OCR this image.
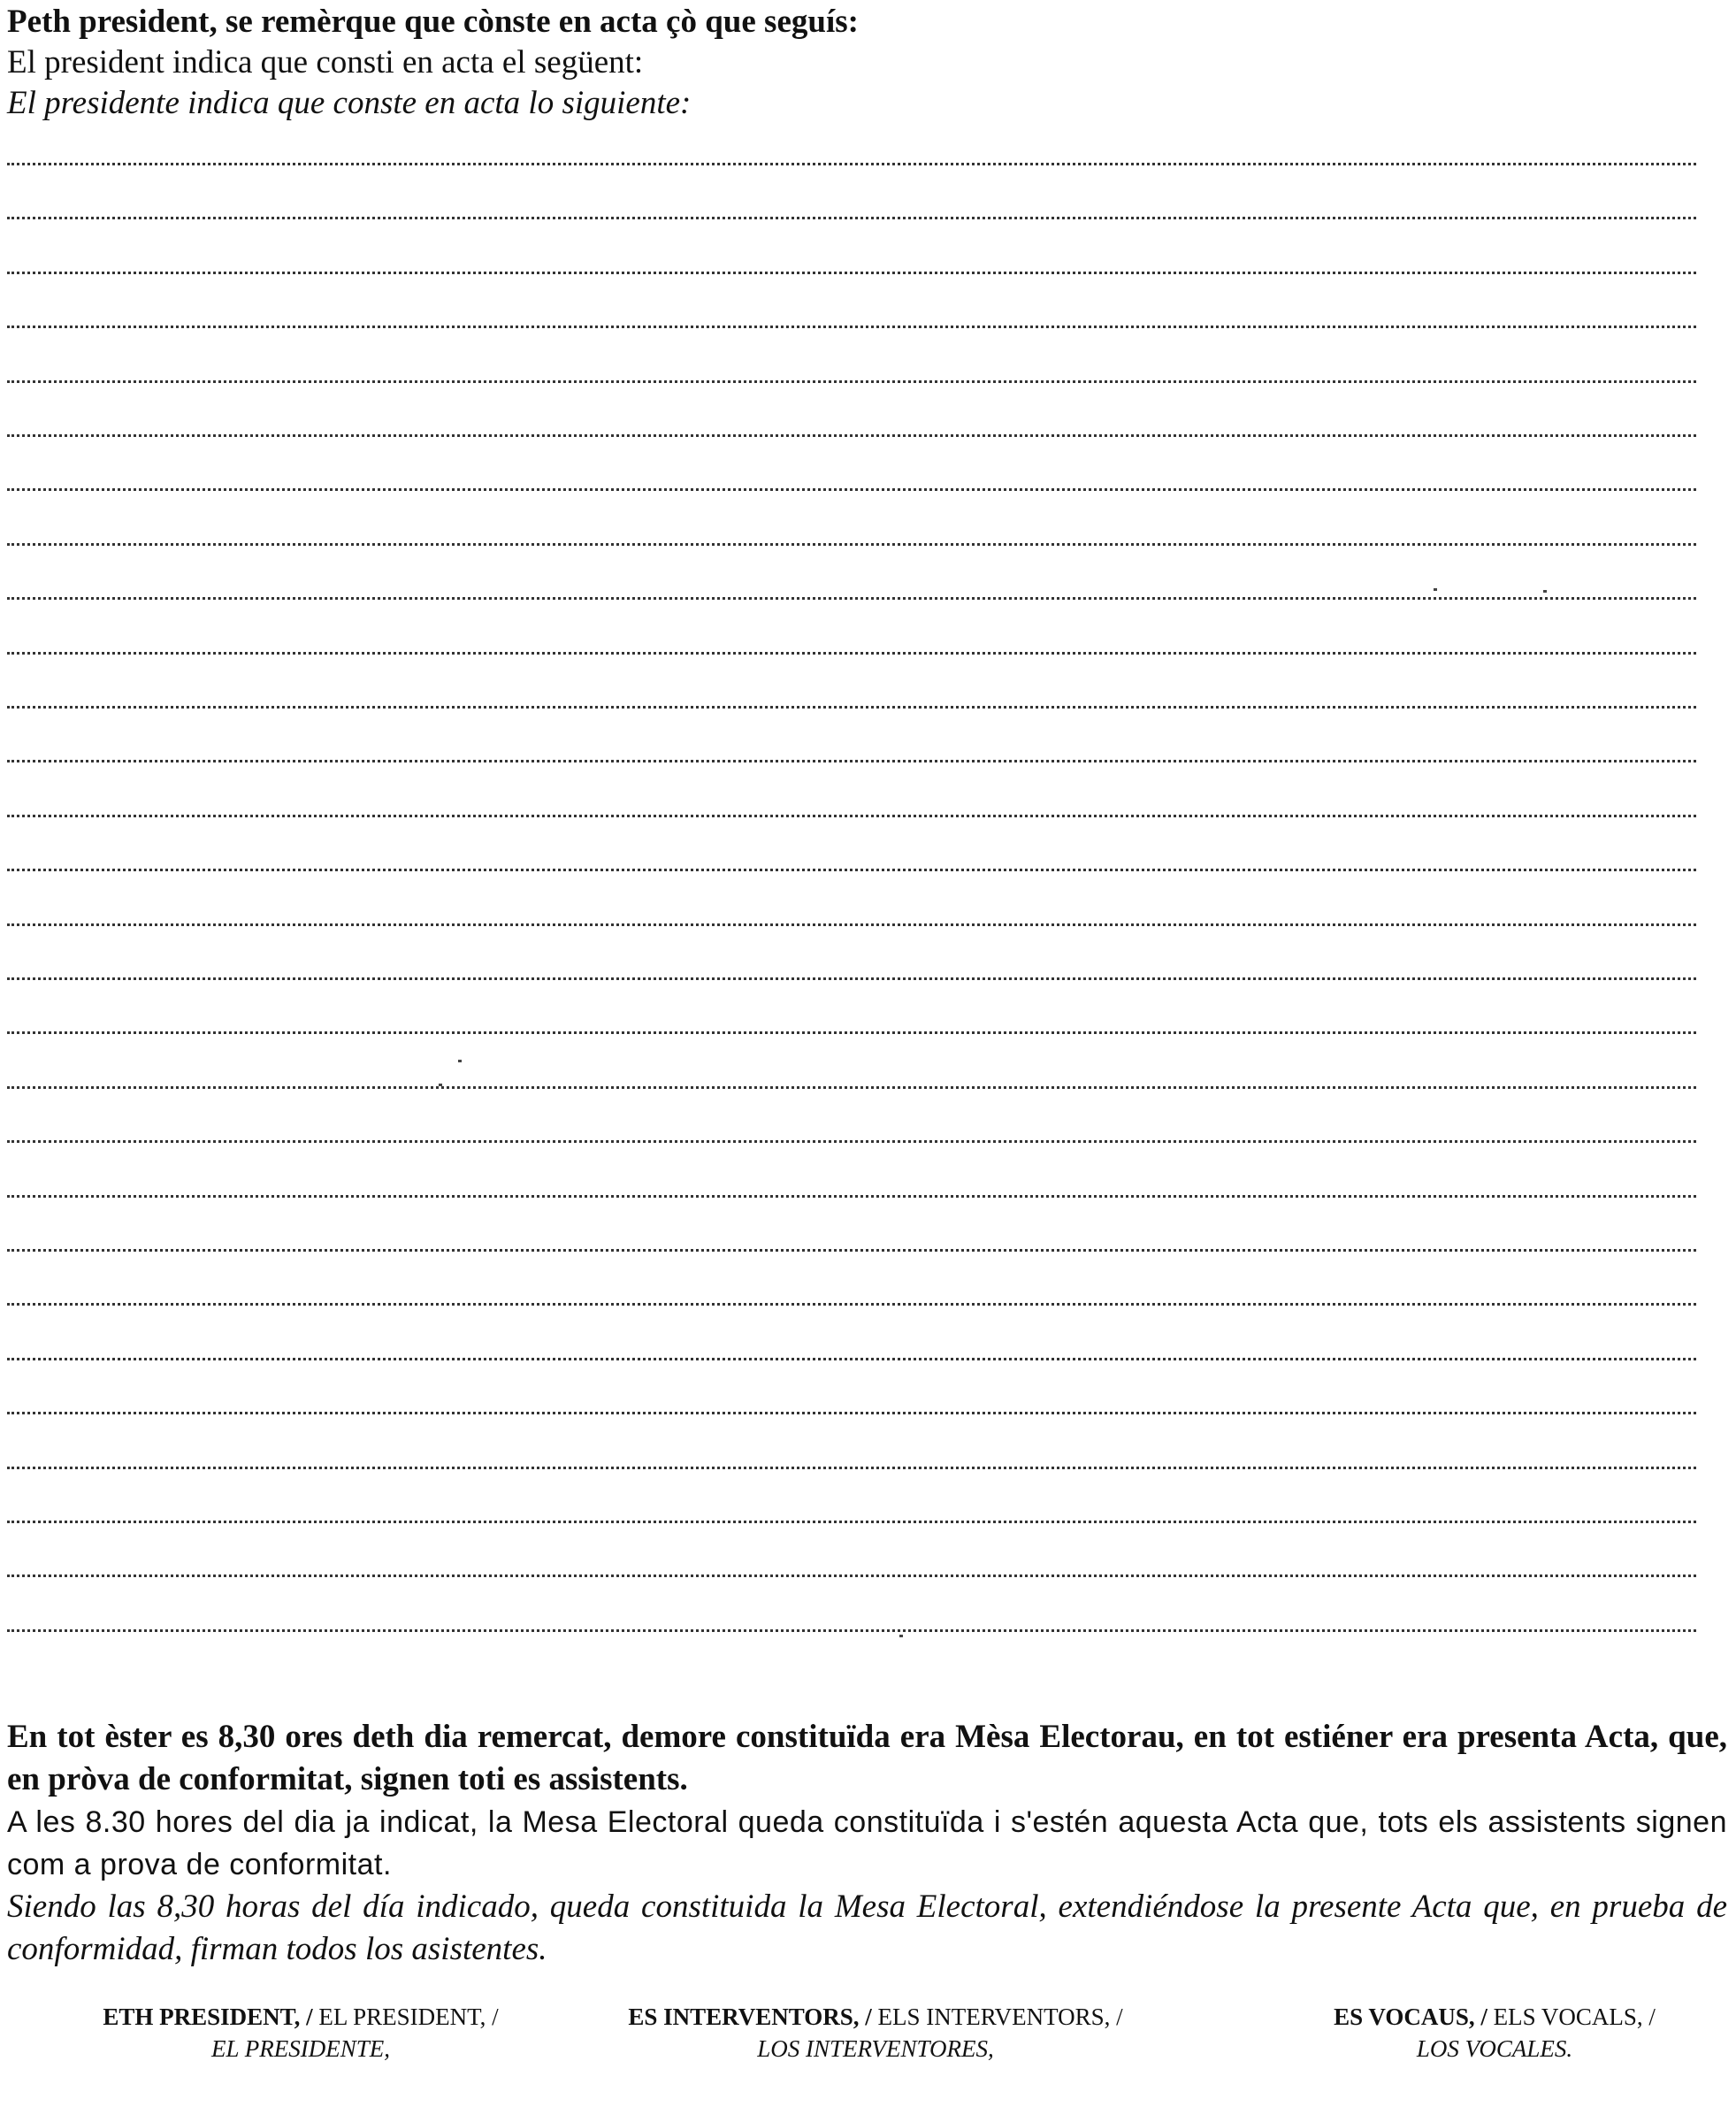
Peth president, se remèrque que cònste en acta çò que seguís:
El president indica que consti en acta el següent:
El presidente indica que conste en acta lo siguiente:

En tot èster es 8,30 ores deth dia remercat, demore constituïda era Mèsa Electorau, en tot estiéner era presenta Acta, que, en pròva de conformitat, signen toti es assistents.

A les 8.30 hores del dia ja indicat, la Mesa Electoral queda constituïda i s'estén aquesta Acta que, tots els assistents signen com a prova de conformitat.

Siendo las 8,30 horas del día indicado, queda constituida la Mesa Electoral, extendiéndose la presente Acta que, en prueba de conformidad, firman todos los asistentes.

ETH PRESIDENT, / EL PRESIDENT, /
EL PRESIDENTE,
ES INTERVENTORS, / ELS INTERVENTORS, /
LOS INTERVENTORES,
ES VOCAUS, / ELS VOCALS, /
LOS VOCALES.
